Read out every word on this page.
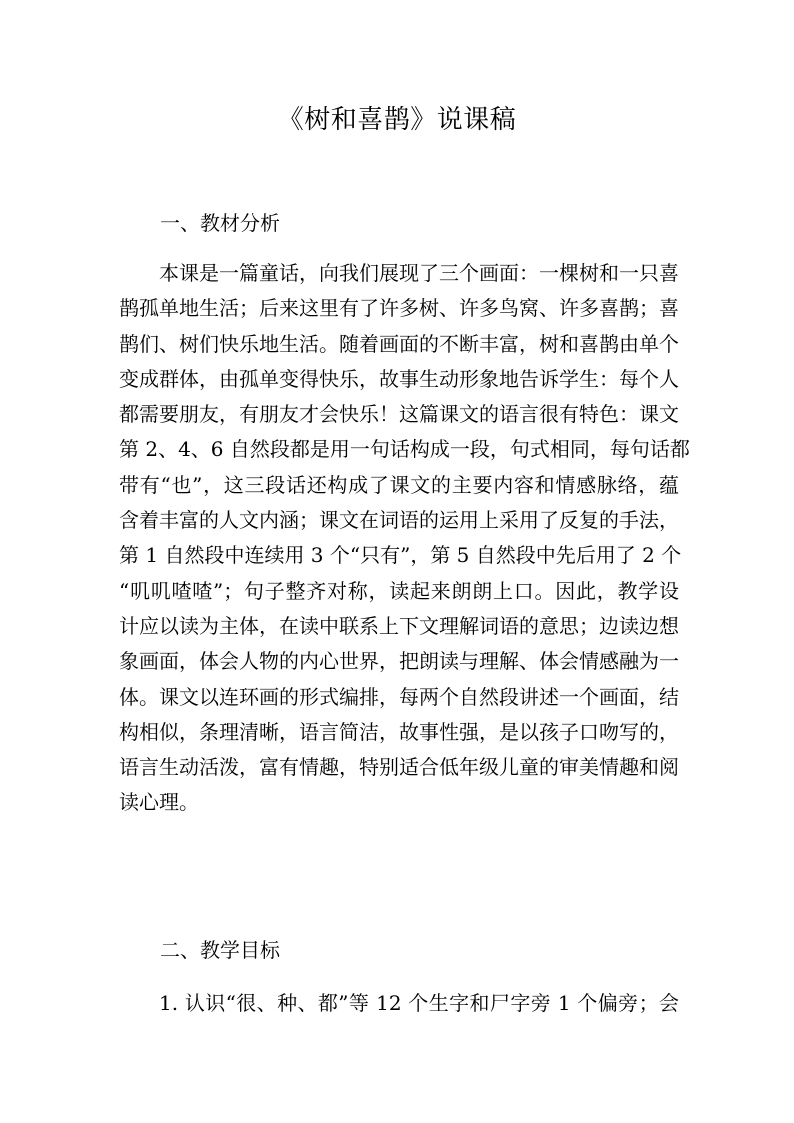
《树和喜鹊》说课稿
一、教材分析
本课是一篇童话，向我们展现了三个画面：一棵树和一只喜
鹊孤单地生活；后来这里有了许多树、许多鸟窝、许多喜鹊；喜
鹊们、树们快乐地生活。随着画面的不断丰富，树和喜鹊由单个
变成群体，由孤单变得快乐，故事生动形象地告诉学生：每个人
都需要朋友，有朋友才会快乐！这篇课文的语言很有特色：课文
第 2、4、6 自然段都是用一句话构成一段，句式相同，每句话都
带有“也”，这三段话还构成了课文的主要内容和情感脉络，蕴
含着丰富的人文内涵；课文在词语的运用上采用了反复的手法，
第 1 自然段中连续用 3 个“只有”，第 5 自然段中先后用了 2 个
“叽叽喳喳”；句子整齐对称，读起来朗朗上口。因此，教学设
计应以读为主体，在读中联系上下文理解词语的意思；边读边想
象画面，体会人物的内心世界，把朗读与理解、体会情感融为一
体。课文以连环画的形式编排，每两个自然段讲述一个画面，结
构相似，条理清晰，语言简洁，故事性强，是以孩子口吻写的，
语言生动活泼，富有情趣，特别适合低年级儿童的审美情趣和阅
读心理。
二、教学目标
1. 认识“很、种、都”等 12 个生字和尸字旁 1 个偏旁；会
